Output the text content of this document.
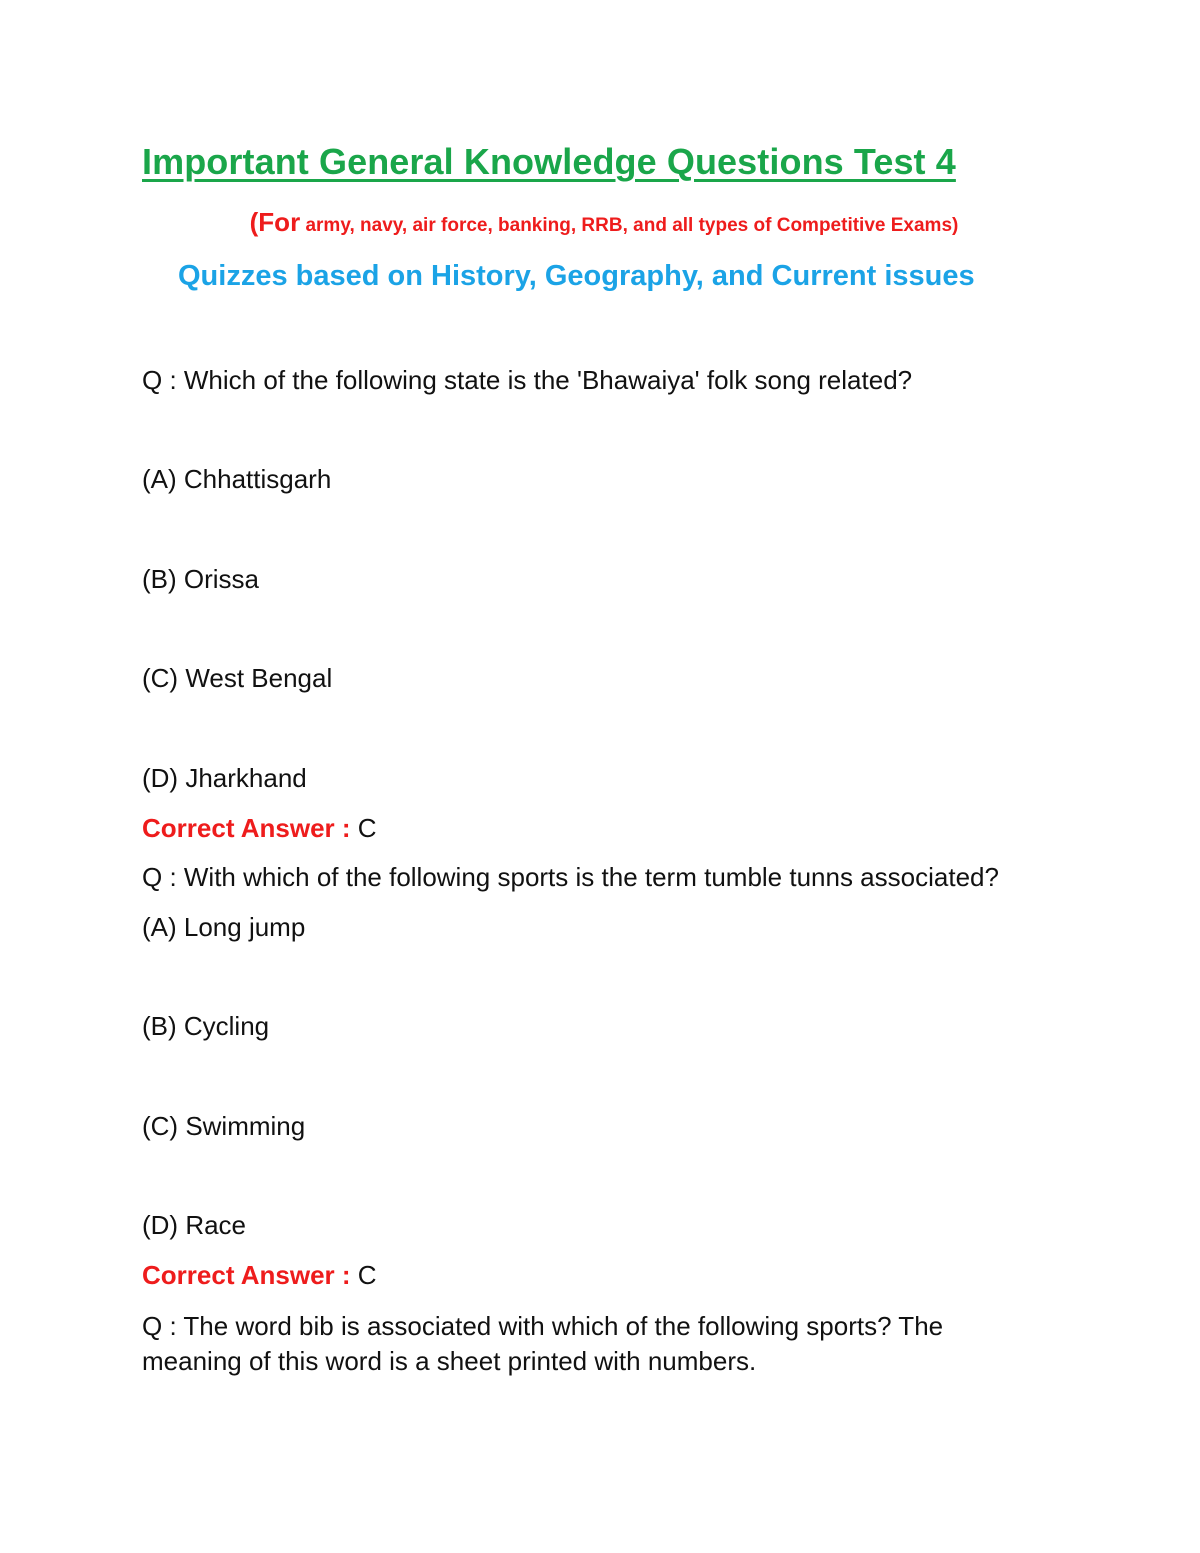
Important General Knowledge Questions Test 4
(For army, navy, air force, banking, RRB, and all types of Competitive Exams)
Quizzes based on History, Geography, and Current issues
Q : Which of the following state is the 'Bhawaiya' folk song related?
(A) Chhattisgarh
(B) Orissa
(C) West Bengal
(D) Jharkhand
Correct Answer : C
Q : With which of the following sports is the term tumble tunns associated?
(A) Long jump
(B) Cycling
(C) Swimming
(D) Race
Correct Answer : C
Q : The word bib is associated with which of the following sports? The meaning of this word is a sheet printed with numbers.
